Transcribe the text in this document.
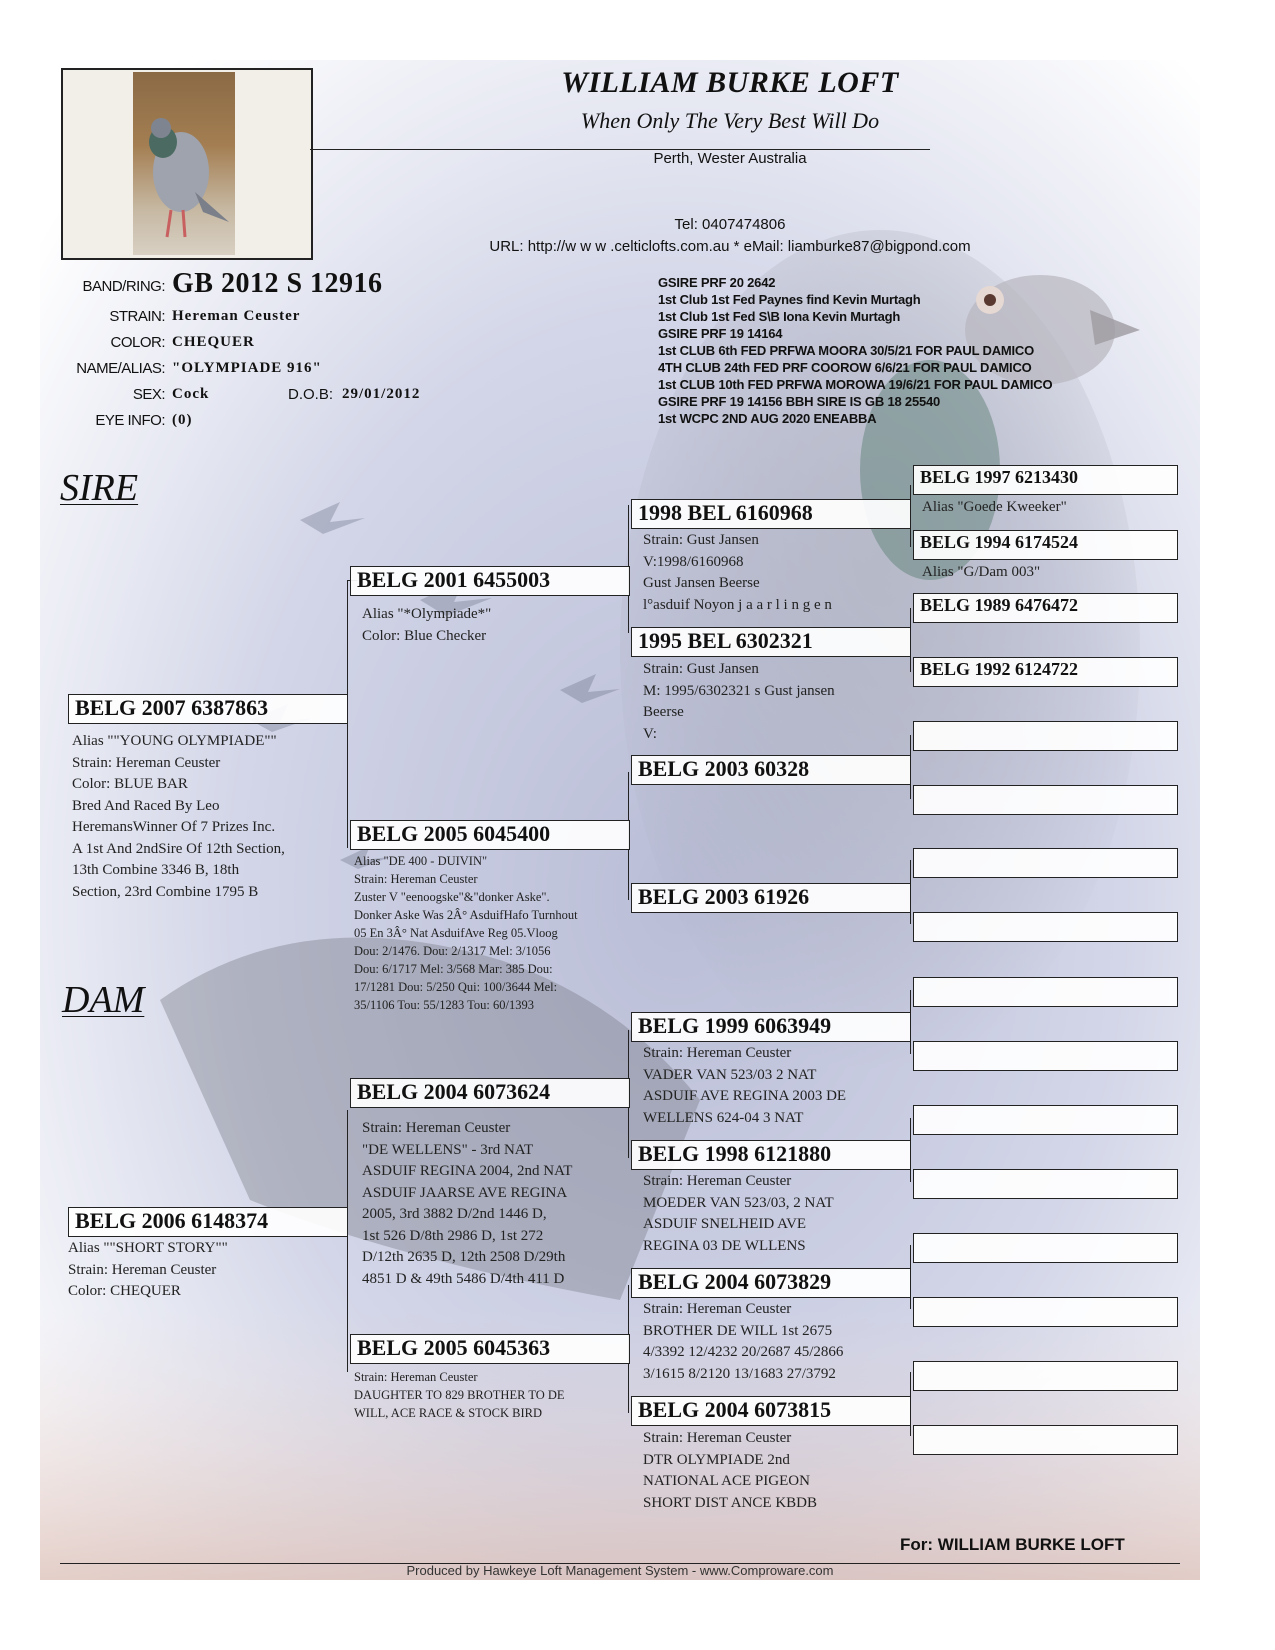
WILLIAM BURKE LOFT
When Only The Very Best Will Do
Perth, Wester Australia
Tel: 0407474806
URL: http://w w w .celticlofts.com.au * eMail: liamburke87@bigpond.com
BAND/RING: GB 2012 S 12916
STRAIN: Hereman Ceuster
COLOR: CHEQUER
NAME/ALIAS: "OLYMPIADE 916"
SEX: Cock	D.O.B: 29/01/2012
EYE INFO: (0)
GSIRE PRF 20 2642
1st Club 1st Fed Paynes find Kevin Murtagh
1st Club 1st Fed S\B Iona Kevin Murtagh
GSIRE PRF 19 14164
1st CLUB 6th FED PRFWA MOORA 30/5/21 FOR PAUL DAMICO
4TH CLUB 24th FED PRF COOROW 6/6/21 FOR PAUL DAMICO
1st CLUB 10th FED PRFWA MOROWA 19/6/21 FOR PAUL DAMICO
GSIRE PRF 19 14156 BBH SIRE IS GB 18 25540
1st WCPC 2ND AUG 2020 ENEABBA
SIRE
DAM
BELG 2007 6387863
Alias ""YOUNG OLYMPIADE""
Strain: Hereman Ceuster
Color: BLUE BAR
Bred And Raced By Leo
HeremansWinner Of 7 Prizes Inc.
A 1st And 2ndSire Of 12th Section,
13th Combine 3346 B, 18th
Section, 23rd Combine 1795 B
BELG 2006 6148374
Alias ""SHORT STORY""
Strain: Hereman Ceuster
Color: CHEQUER
BELG 2001 6455003
Alias "*Olympiade*"
Color: Blue Checker
BELG 2005 6045400
Alias "DE 400 - DUIVIN"
Strain: Hereman Ceuster
Zuster V "eenoogske"&"donker Aske".
Donker Aske Was 2Â° AsduifHafo Turnhout
05 En 3Â° Nat AsduifAve Reg 05.Vloog
Dou: 2/1476. Dou: 2/1317 Mel: 3/1056
Dou: 6/1717 Mel: 3/568 Mar: 385 Dou:
17/1281 Dou: 5/250 Qui: 100/3644 Mel:
35/1106 Tou: 55/1283 Tou: 60/1393
BELG 2004 6073624
Strain: Hereman Ceuster
"DE WELLENS" - 3rd NAT
ASDUIF REGINA 2004, 2nd NAT
ASDUIF JAARSE AVE REGINA
2005, 3rd 3882 D/2nd 1446 D,
1st 526 D/8th 2986 D, 1st 272
D/12th 2635 D, 12th 2508 D/29th
4851 D & 49th 5486 D/4th 411 D
BELG 2005 6045363
Strain: Hereman Ceuster
DAUGHTER TO 829 BROTHER TO DE
WILL, ACE RACE & STOCK BIRD
1998 BEL 6160968
Strain: Gust Jansen
V:1998/6160968
Gust Jansen Beerse
l°asduif Noyon j a a r l i n g e n
1995 BEL 6302321
Strain: Gust Jansen
M: 1995/6302321 s Gust jansen
Beerse
V:
BELG 2003 60328
BELG 2003 61926
BELG 1999 6063949
Strain: Hereman Ceuster
VADER VAN 523/03 2 NAT
ASDUIF AVE REGINA 2003 DE
WELLENS 624-04 3 NAT
BELG 1998 6121880
Strain: Hereman Ceuster
MOEDER VAN 523/03, 2 NAT
ASDUIF SNELHEID AVE
REGINA 03 DE WLLENS
BELG 2004 6073829
Strain: Hereman Ceuster
BROTHER DE WILL 1st 2675
4/3392 12/4232 20/2687 45/2866
3/1615 8/2120 13/1683 27/3792
BELG 2004 6073815
Strain: Hereman Ceuster
DTR OLYMPIADE 2nd
NATIONAL ACE PIGEON
SHORT DIST ANCE KBDB
BELG 1997 6213430
Alias "Goede Kweeker"
BELG 1994 6174524
Alias "G/Dam 003"
BELG 1989 6476472
BELG 1992 6124722
For: WILLIAM BURKE LOFT
Produced by Hawkeye Loft Management System - www.Comproware.com
